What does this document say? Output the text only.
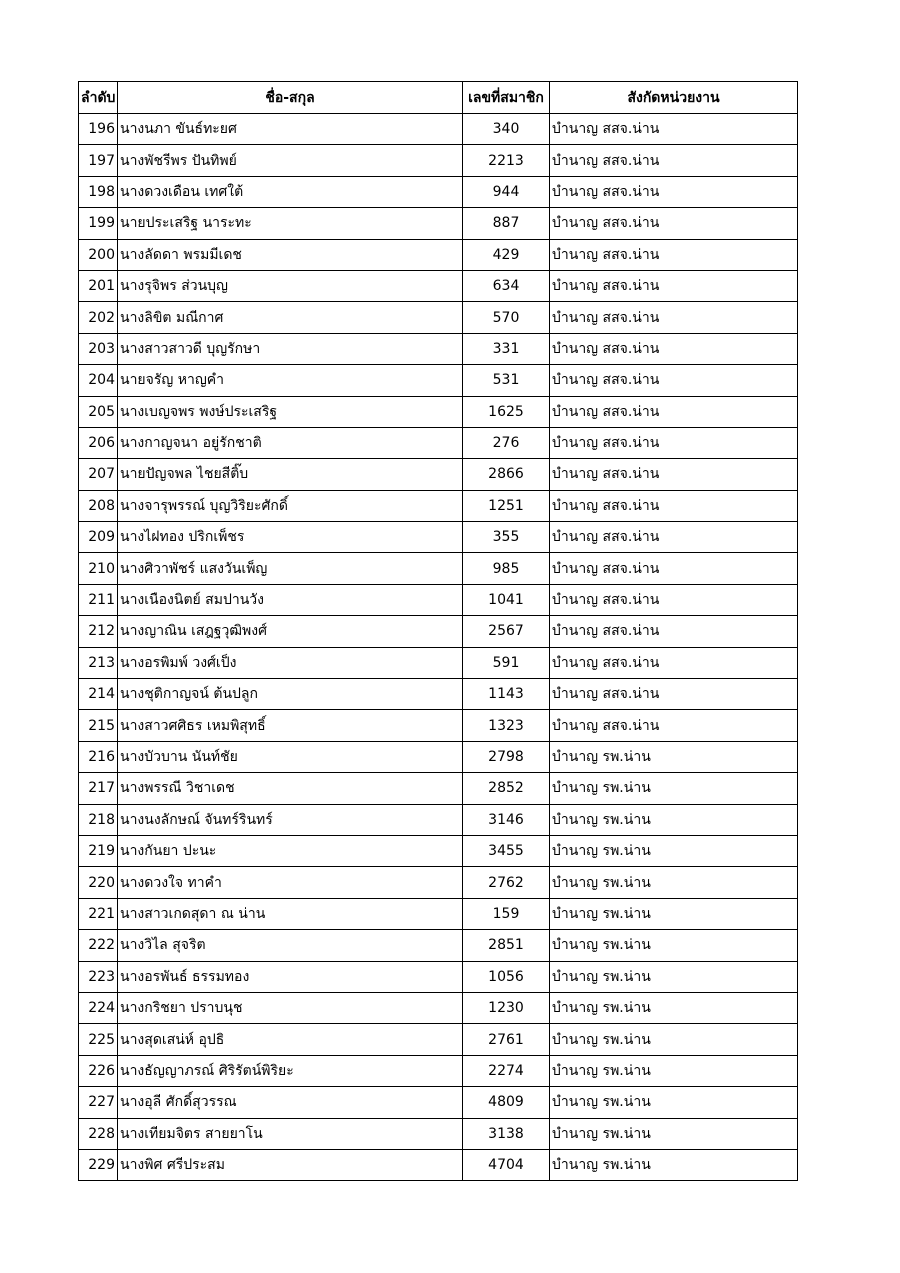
ลำดับ	ชื่อ-สกุล	เลขที่สมาชิก	สังกัดหน่วยงาน
196	นางนภา ขันธ์ทะยศ	340	บำนาญ สสจ.น่าน
197	นางพัชรีพร ปันทิพย์	2213	บำนาญ สสจ.น่าน
198	นางดวงเดือน เทศใต้	944	บำนาญ สสจ.น่าน
199	นายประเสริฐ นาระทะ	887	บำนาญ สสจ.น่าน
200	นางลัดดา พรมมีเดช	429	บำนาญ สสจ.น่าน
201	นางรุจิพร ส่วนบุญ	634	บำนาญ สสจ.น่าน
202	นางลิขิต มณีกาศ	570	บำนาญ สสจ.น่าน
203	นางสาวสาวดี บุญรักษา	331	บำนาญ สสจ.น่าน
204	นายจรัญ หาญคำ	531	บำนาญ สสจ.น่าน
205	นางเบญจพร พงษ์ประเสริฐ	1625	บำนาญ สสจ.น่าน
206	นางกาญจนา อยู่รักชาติ	276	บำนาญ สสจ.น่าน
207	นายปัญจพล ไชยสีติ๊บ	2866	บำนาญ สสจ.น่าน
208	นางจารุพรรณ์ บุญวิริยะศักดิ์	1251	บำนาญ สสจ.น่าน
209	นางไฝทอง ปริกเพ็ชร	355	บำนาญ สสจ.น่าน
210	นางศิวาพัชร์ แสงวันเพ็ญ	985	บำนาญ สสจ.น่าน
211	นางเนืองนิตย์ สมปานวัง	1041	บำนาญ สสจ.น่าน
212	นางญาณิน เสฎฐวุฒิพงศ์	2567	บำนาญ สสจ.น่าน
213	นางอรพิมพ์ วงศ์เป็ง	591	บำนาญ สสจ.น่าน
214	นางชุติกาญจน์ ต้นปลูก	1143	บำนาญ สสจ.น่าน
215	นางสาวศศิธร เหมพิสุทธิ์	1323	บำนาญ สสจ.น่าน
216	นางบัวบาน นันท์ชัย	2798	บำนาญ รพ.น่าน
217	นางพรรณี วิชาเดช	2852	บำนาญ รพ.น่าน
218	นางนงลักษณ์ จันทร์รินทร์	3146	บำนาญ รพ.น่าน
219	นางกันยา ปะนะ	3455	บำนาญ รพ.น่าน
220	นางดวงใจ ทาคำ	2762	บำนาญ รพ.น่าน
221	นางสาวเกดสุดา ณ น่าน	159	บำนาญ รพ.น่าน
222	นางวิไล สุจริต	2851	บำนาญ รพ.น่าน
223	นางอรพันธ์ ธรรมทอง	1056	บำนาญ รพ.น่าน
224	นางกริชยา ปราบนุช	1230	บำนาญ รพ.น่าน
225	นางสุดเสน่ห์ อุปธิ	2761	บำนาญ รพ.น่าน
226	นางธัญญาภรณ์ ศิริรัตน์พิริยะ	2274	บำนาญ รพ.น่าน
227	นางอุลี ศักดิ์สุวรรณ	4809	บำนาญ รพ.น่าน
228	นางเทียมจิตร สายยาโน	3138	บำนาญ รพ.น่าน
229	นางพิศ ศรีประสม	4704	บำนาญ รพ.น่าน
